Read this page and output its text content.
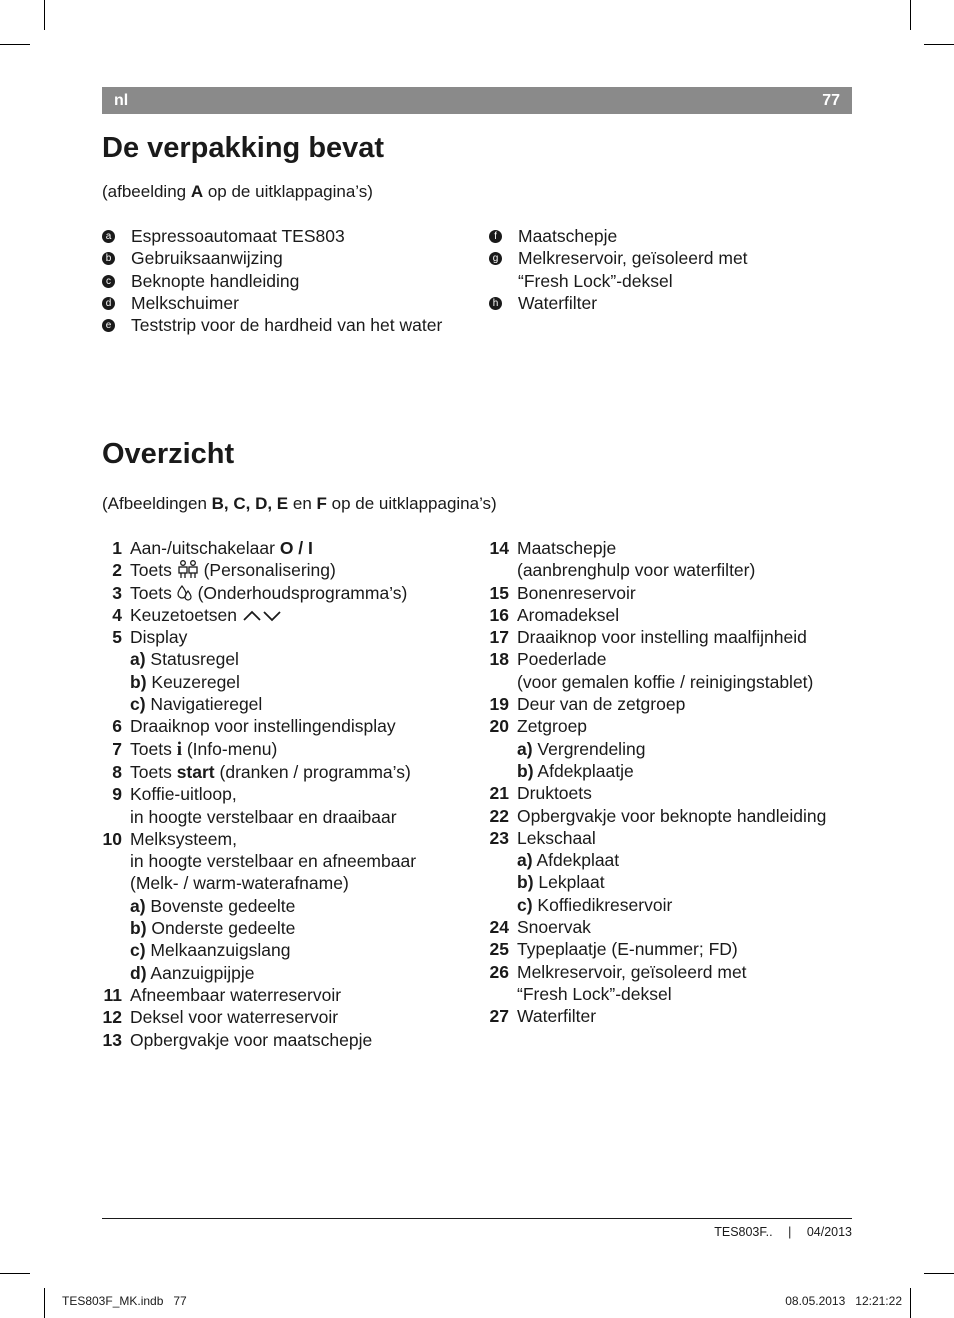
nl	77
De verpakking bevat
(afbeelding A op de uitklappagina’s)
a Espressoautomaat TES803
b Gebruiksaanwijzing
c Beknopte handleiding
d Melkschuimer
e Teststrip voor de hardheid van het water
f Maatschepje
g Melkreservoir, geïsoleerd met
“Fresh Lock”-deksel
h Waterfilter
Overzicht
(Afbeeldingen B, C, D, E en F op de uitklappagina’s)
1 Aan-/uitschakelaar O / I
2 Toets  (Personalisering)
3 Toets  (Onderhoudsprogramma’s)
4 Keuzetoetsen
5 Display
a) Statusregel
b) Keuzeregel
c) Navigatieregel
6 Draaiknop voor instellingendisplay
7 Toets i (Info-menu)
8 Toets start (dranken / programma’s)
9 Koffie-uitloop,
in hoogte verstelbaar en draaibaar
10 Melksysteem,
in hoogte verstelbaar en afneembaar
(Melk- / warm-waterafname)
a) Bovenste gedeelte
b) Onderste gedeelte
c) Melkaanzuigslang
d) Aanzuigpijpje
11 Afneembaar waterreservoir
12 Deksel voor waterreservoir
13 Opbergvakje voor maatschepje
14 Maatschepje
(aanbrenghulp voor waterfilter)
15 Bonenreservoir
16 Aromadeksel
17 Draaiknop voor instelling maalfijnheid
18 Poederlade
(voor gemalen koffie / reinigingstablet)
19 Deur van de zetgroep
20 Zetgroep
a) Vergrendeling
b) Afdekplaatje
21 Druktoets
22 Opbergvakje voor beknopte handleiding
23 Lekschaal
a) Afdekplaat
b) Lekplaat
c) Koffiedikreservoir
24 Snoervak
25 Typeplaatje (E-nummer; FD)
26 Melkreservoir, geïsoleerd met
“Fresh Lock”-deksel
27 Waterfilter
TES803F.. | 04/2013
TES803F_MK.indb   77	08.05.2013   12:21:22
